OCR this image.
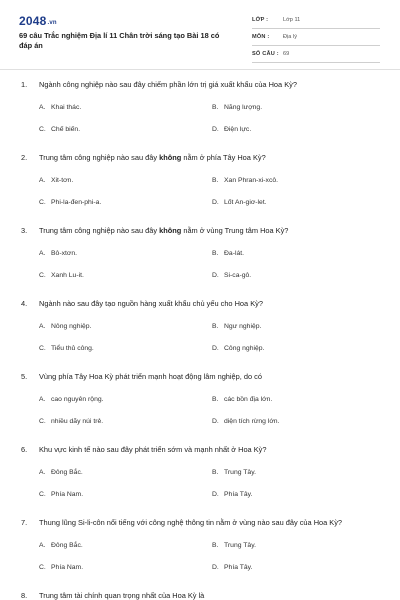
2048.vn
69 câu Trắc nghiệm Địa lí 11 Chân trời sáng tạo Bài 18 có đáp án
LỚP :	Lớp 11
MÔN : Địa lý
SỐ CÂU : 69
1. Ngành công nghiệp nào sau đây chiếm phần lớn trị giá xuất khẩu của Hoa Kỳ?
A. Khai thác.	B. Năng lượng.
C. Chế biến.	D. Điện lực.
2. Trung tâm công nghiệp nào sau đây không nằm ở phía Tây Hoa Kỳ?
A. Xit-tơn.	B. Xan Phran-xi-xcô.
C. Phi-la-đen-phi-a.	D. Lốt An-giơ-let.
3. Trung tâm công nghiệp nào sau đây không nằm ở vùng Trung tâm Hoa Kỳ?
A. Bô-xtơn.	B. Đa-lát.
C. Xanh Lu-it.	D. Si-ca-gô.
4. Ngành nào sau đây tạo nguồn hàng xuất khẩu chủ yếu cho Hoa Kỳ?
A. Nông nghiệp.	B. Ngư nghiệp.
C. Tiểu thủ công.	D. Công nghiệp.
5. Vùng phía Tây Hoa Kỳ phát triển mạnh hoạt động lâm nghiệp, do có
A. cao nguyên rộng.	B. các bồn địa lớn.
C. nhiều dãy núi trẻ.	D. diện tích rừng lớn.
6. Khu vực kinh tế nào sau đây phát triển sớm và mạnh nhất ở Hoa Kỳ?
A. Đông Bắc.	B. Trung Tây.
C. Phía Nam.	D. Phía Tây.
7. Thung lũng Si-li-côn nổi tiếng với công nghệ thông tin nằm ở vùng nào sau đây của Hoa Kỳ?
A. Đông Bắc.	B. Trung Tây.
C. Phía Nam.	D. Phía Tây.
8. Trung tâm tài chính quan trọng nhất của Hoa Kỳ là
